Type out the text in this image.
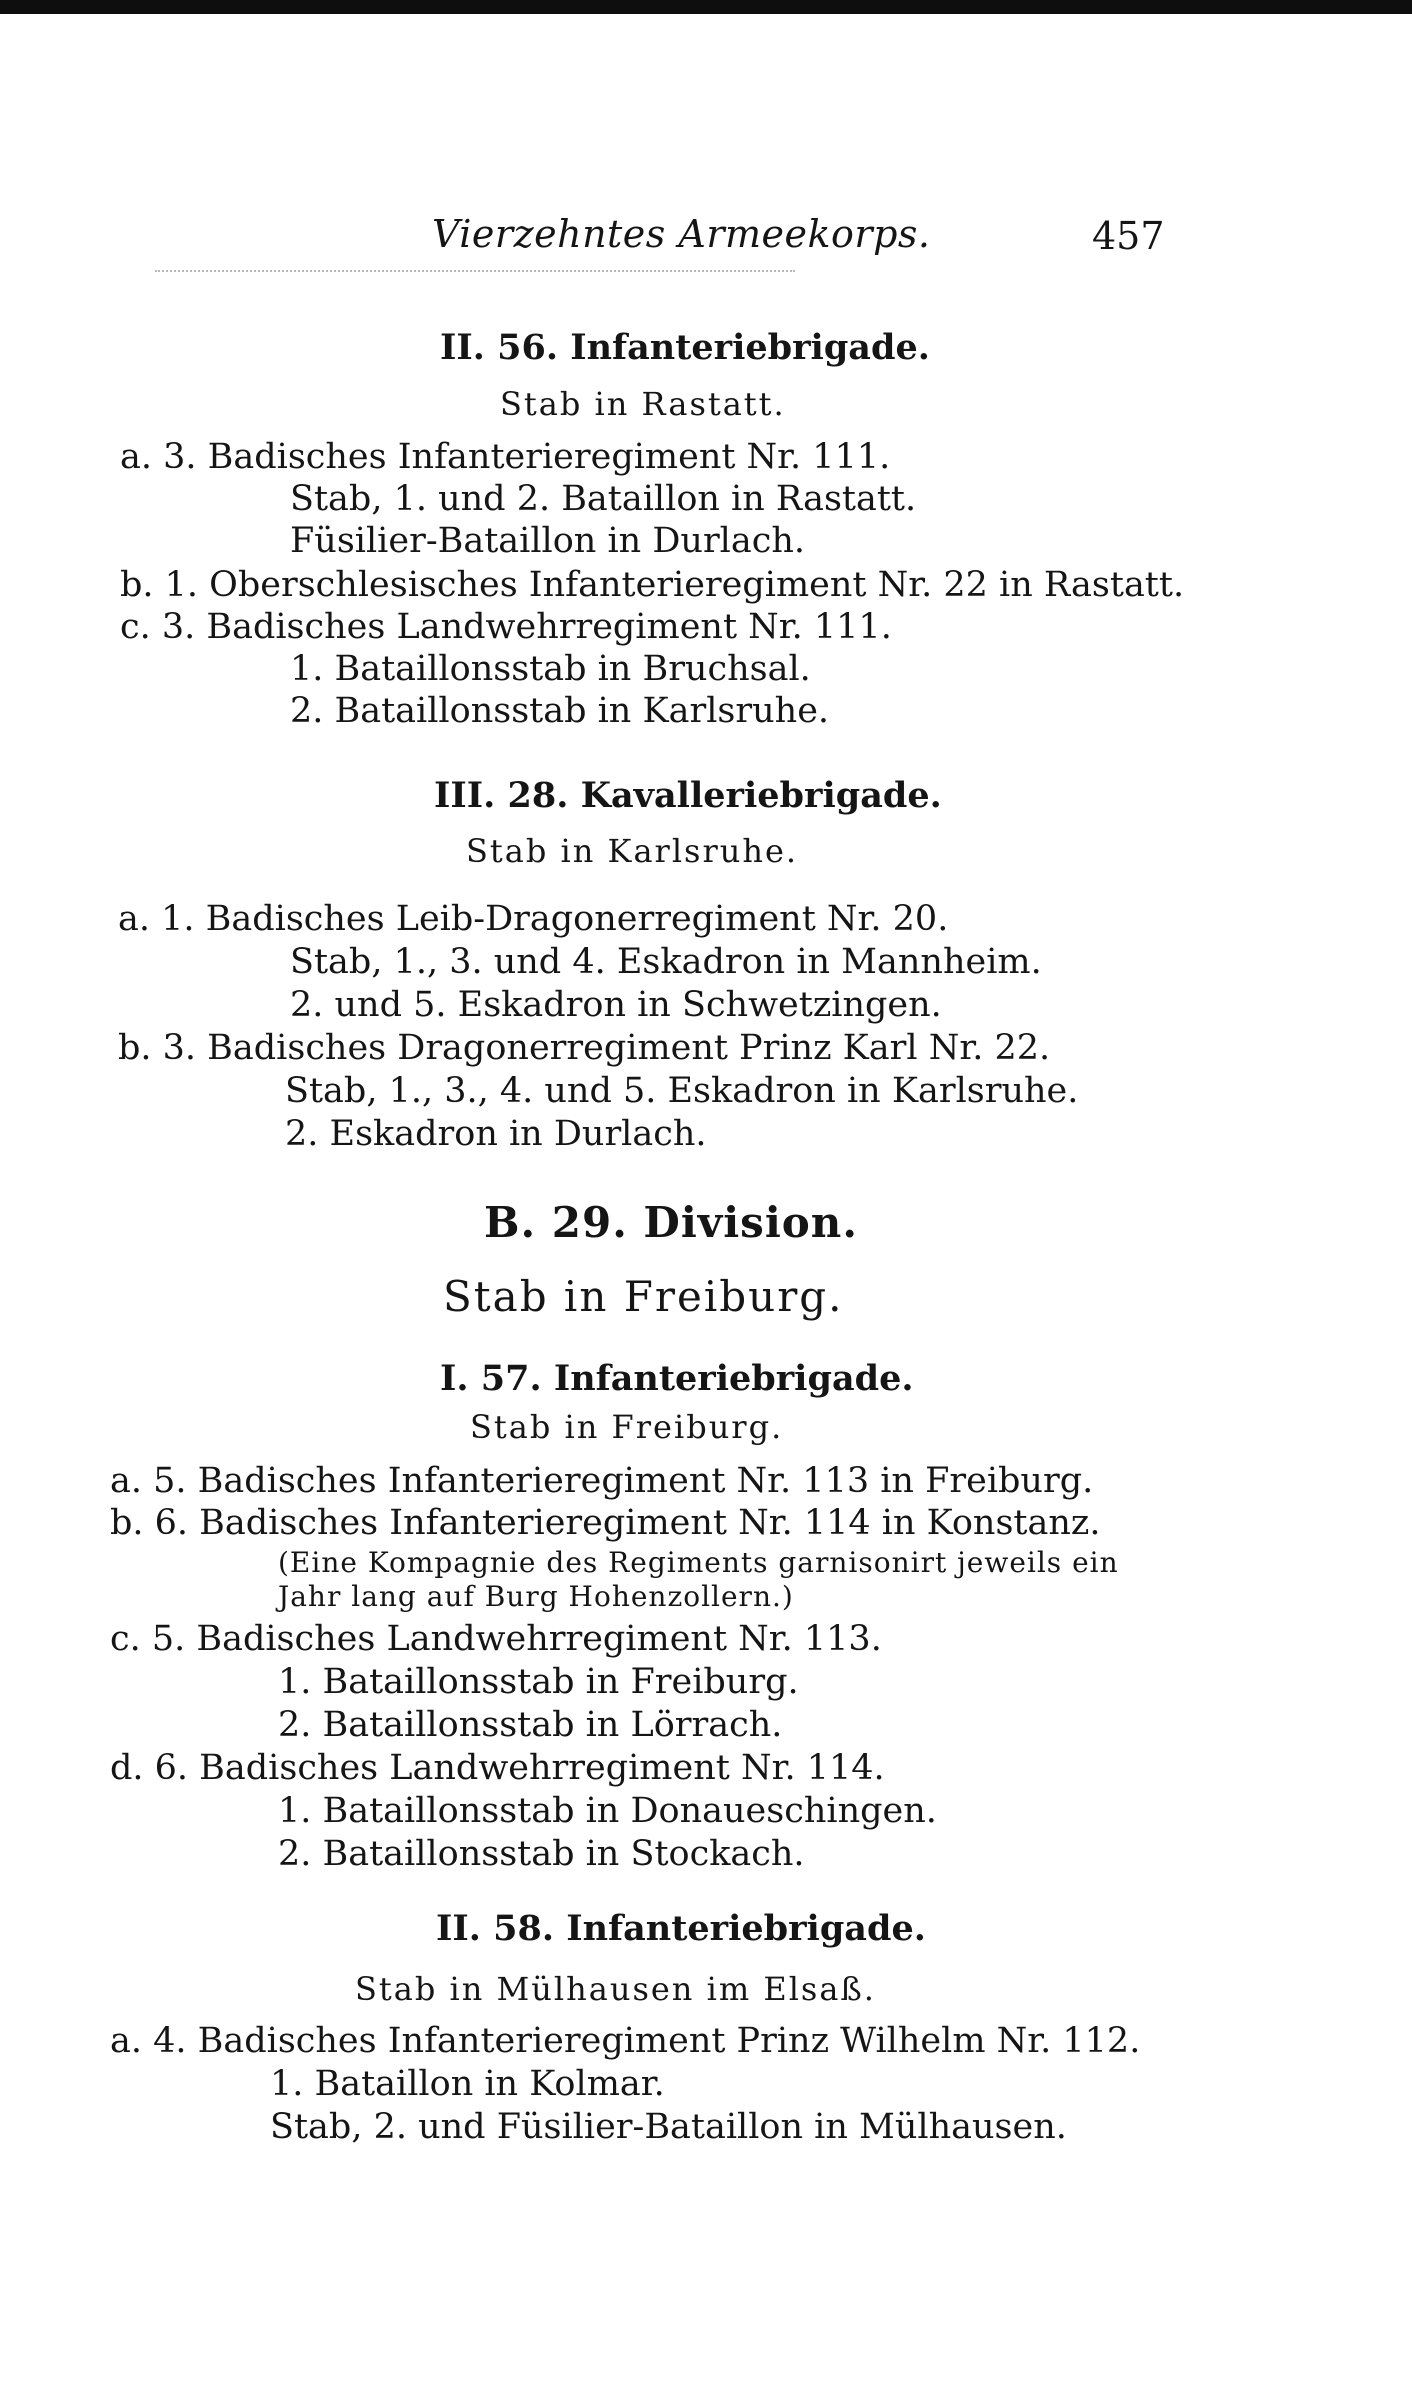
Vierzehntes Armeekorps.	457
II. 56. Infanteriebrigade.
Stab in Rastatt.
a. 3. Badisches Infanterieregiment Nr. 111.
Stab, 1. und 2. Bataillon in Rastatt.
Füsilier-Bataillon in Durlach.
b. 1. Oberschlesisches Infanterieregiment Nr. 22 in Rastatt.
c. 3. Badisches Landwehrregiment Nr. 111.
1. Bataillonsstab in Bruchsal.
2. Bataillonsstab in Karlsruhe.
III. 28. Kavalleriebrigade.
Stab in Karlsruhe.
a. 1. Badisches Leib-Dragonerregiment Nr. 20.
Stab, 1., 3. und 4. Eskadron in Mannheim.
2. und 5. Eskadron in Schwetzingen.
b. 3. Badisches Dragonerregiment Prinz Karl Nr. 22.
Stab, 1., 3., 4. und 5. Eskadron in Karlsruhe.
2. Eskadron in Durlach.
B. 29. Division.
Stab in Freiburg.
I. 57. Infanteriebrigade.
Stab in Freiburg.
a. 5. Badisches Infanterieregiment Nr. 113 in Freiburg.
b. 6. Badisches Infanterieregiment Nr. 114 in Konstanz.
(Eine Kompagnie des Regiments garnisonirt jeweils ein
Jahr lang auf Burg Hohenzollern.)
c. 5. Badisches Landwehrregiment Nr. 113.
1. Bataillonsstab in Freiburg.
2. Bataillonsstab in Lörrach.
d. 6. Badisches Landwehrregiment Nr. 114.
1. Bataillonsstab in Donaueschingen.
2. Bataillonsstab in Stockach.
II. 58. Infanteriebrigade.
Stab in Mülhausen im Elsaß.
a. 4. Badisches Infanterieregiment Prinz Wilhelm Nr. 112.
1. Bataillon in Kolmar.
Stab, 2. und Füsilier-Bataillon in Mülhausen.
